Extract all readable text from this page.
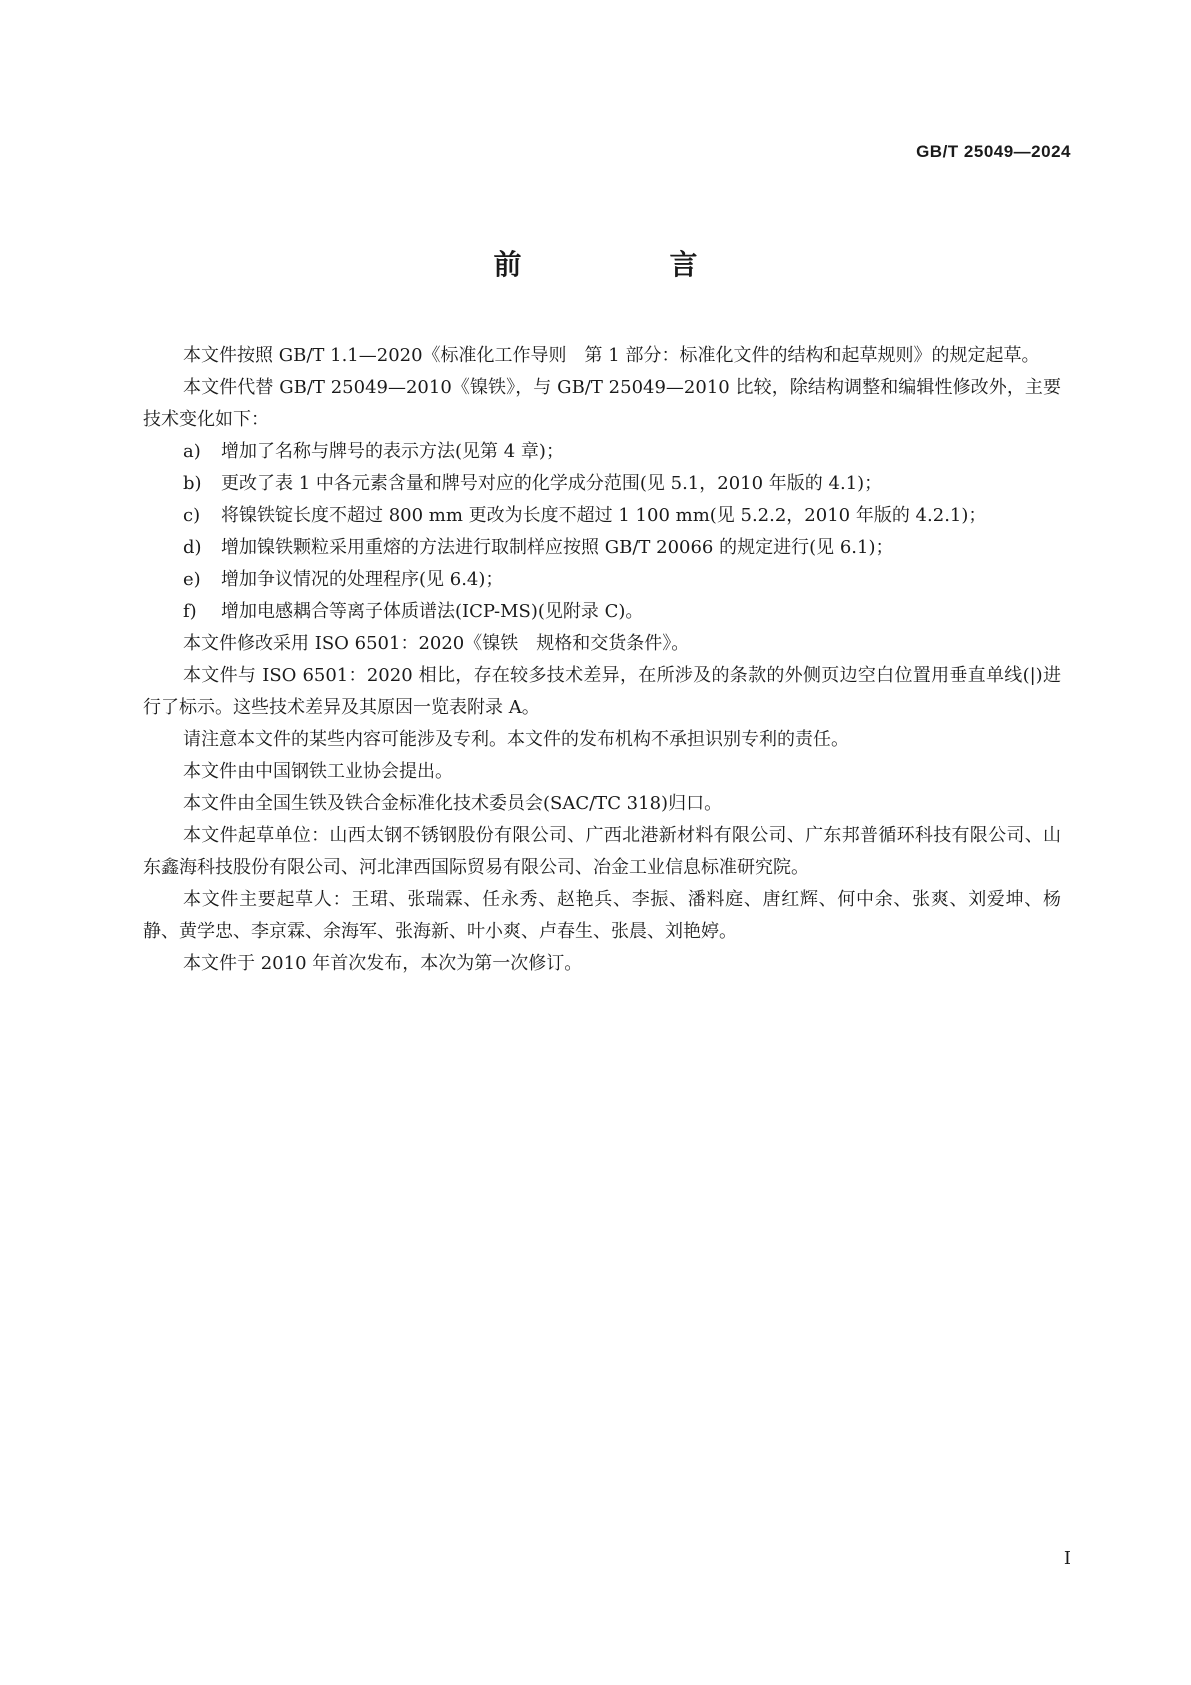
GB/T 25049—2024
前　言

本文件按照 GB/T 1.1—2020《标准化工作导则　第 1 部分：标准化文件的结构和起草规则》的规定起草。

本文件代替 GB/T 25049—2010《镍铁》，与 GB/T 25049—2010 比较，除结构调整和编辑性修改外，主要技术变化如下：

a)	增加了名称与牌号的表示方法(见第 4 章)；
b)	更改了表 1 中各元素含量和牌号对应的化学成分范围(见 5.1，2010 年版的 4.1)；
c)	将镍铁锭长度不超过 800 mm 更改为长度不超过 1 100 mm(见 5.2.2，2010 年版的 4.2.1)；
d)	增加镍铁颗粒采用重熔的方法进行取制样应按照 GB/T 20066 的规定进行(见 6.1)；
e)	增加争议情况的处理程序(见 6.4)；
f)	增加电感耦合等离子体质谱法(ICP-MS)(见附录 C)。

本文件修改采用 ISO 6501：2020《镍铁　规格和交货条件》。

本文件与 ISO 6501：2020 相比，存在较多技术差异，在所涉及的条款的外侧页边空白位置用垂直单线(|)进行了标示。这些技术差异及其原因一览表附录 A。

请注意本文件的某些内容可能涉及专利。本文件的发布机构不承担识别专利的责任。

本文件由中国钢铁工业协会提出。

本文件由全国生铁及铁合金标准化技术委员会(SAC/TC 318)归口。

本文件起草单位：山西太钢不锈钢股份有限公司、广西北港新材料有限公司、广东邦普循环科技有限公司、山东鑫海科技股份有限公司、河北津西国际贸易有限公司、冶金工业信息标准研究院。

本文件主要起草人：王珺、张瑞霖、任永秀、赵艳兵、李振、潘料庭、唐红辉、何中余、张爽、刘爱坤、杨静、黄学忠、李京霖、余海军、张海新、叶小爽、卢春生、张晨、刘艳婷。

本文件于 2010 年首次发布，本次为第一次修订。

I
